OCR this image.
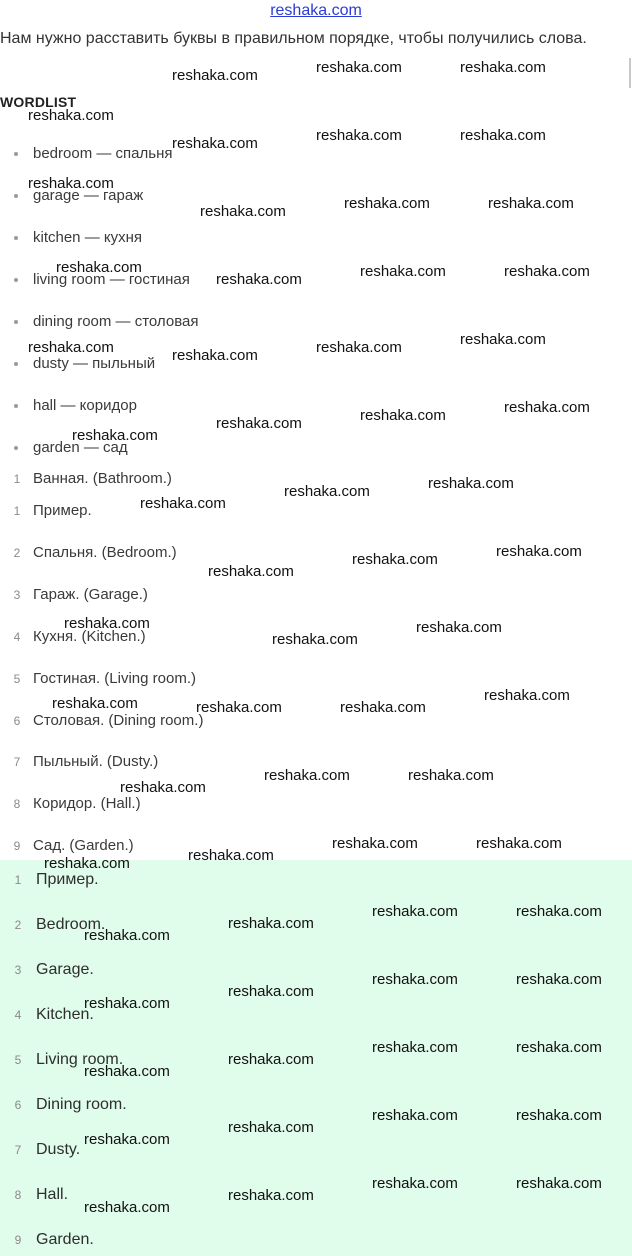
reshaka.com
Нам нужно расставить буквы в правильном порядке, чтобы получились слова.
WORDLIST
bedroom — спальня
garage — гараж
kitchen — кухня
living room — гостиная
dining room — столовая
dusty — пыльный
hall — коридор
garden — сад
1 Ванная. (Bathroom.)
1 Пример.
2 Спальня. (Bedroom.)
3 Гараж. (Garage.)
4 Кухня. (Kitchen.)
5 Гостиная. (Living room.)
6 Столовая. (Dining room.)
7 Пыльный. (Dusty.)
8 Коридор. (Hall.)
9 Сад. (Garden.)
1 Пример.
2 Bedroom.
3 Garage.
4 Kitchen.
5 Living room.
6 Dining room.
7 Dusty.
8 Hall.
9 Garden.
reshaka.com	reshaka.com	reshaka.com
reshaka.com
reshaka.com	reshaka.com	reshaka.com
reshaka.com
reshaka.com	reshaka.com	reshaka.com
reshaka.com
reshaka.com	reshaka.com	reshaka.com
reshaka.com	reshaka.com	reshaka.com	reshaka.com
reshaka.com	reshaka.com
reshaka.com
reshaka.com
reshaka.com	reshaka.com
reshaka.com
reshaka.com
reshaka.com	reshaka.com
reshaka.com
reshaka.com
reshaka.com
reshaka.com	reshaka.com	reshaka.com
reshaka.com
reshaka.com	reshaka.com
reshaka.com
reshaka.com	reshaka.com
reshaka.com	reshaka.com
reshaka.com	reshaka.com
reshaka.com
reshaka.com
reshaka.com	reshaka.com
reshaka.com
reshaka.com
reshaka.com	reshaka.com
reshaka.com
reshaka.com
reshaka.com	reshaka.com
reshaka.com
reshaka.com
reshaka.com	reshaka.com
reshaka.com
reshaka.com
